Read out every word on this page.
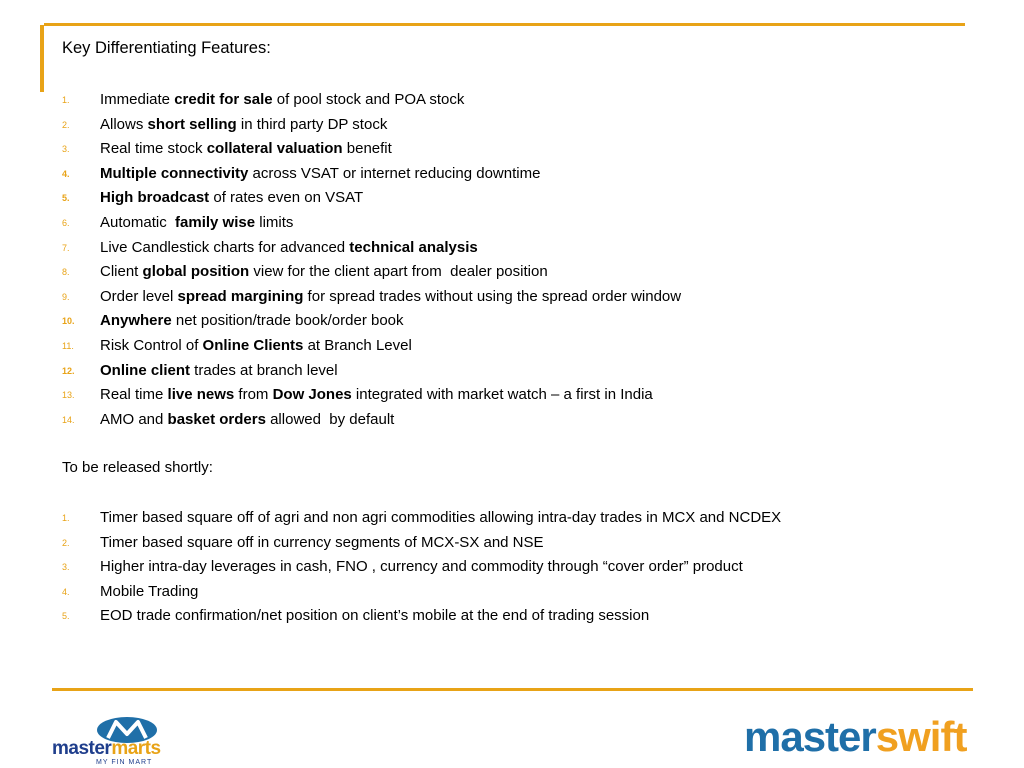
Key Differentiating Features:
1. Immediate credit for sale of pool stock and POA stock
2. Allows short selling in third party DP stock
3. Real time stock collateral valuation benefit
4. Multiple connectivity across VSAT or internet reducing downtime
5. High broadcast of rates even on VSAT
6. Automatic  family wise limits
7. Live Candlestick charts for advanced technical analysis
8. Client global position view for the client apart from  dealer position
9. Order level spread margining for spread trades without using the spread order window
10. Anywhere net position/trade book/order book
11. Risk Control of Online Clients at Branch Level
12. Online client trades at branch level
13. Real time live news from Dow Jones integrated with market watch – a first in India
14. AMO and basket orders allowed  by default
To be released shortly:
1. Timer based square off of agri and non agri commodities allowing intra-day trades in MCX and NCDEX
2. Timer based square off in currency segments of MCX-SX and NSE
3. Higher intra-day leverages in cash, FNO , currency and commodity through “cover order” product
4. Mobile Trading
5. EOD trade confirmation/net position on client’s mobile at the end of trading session
mastermarts
MY FIN MART
masterswift
